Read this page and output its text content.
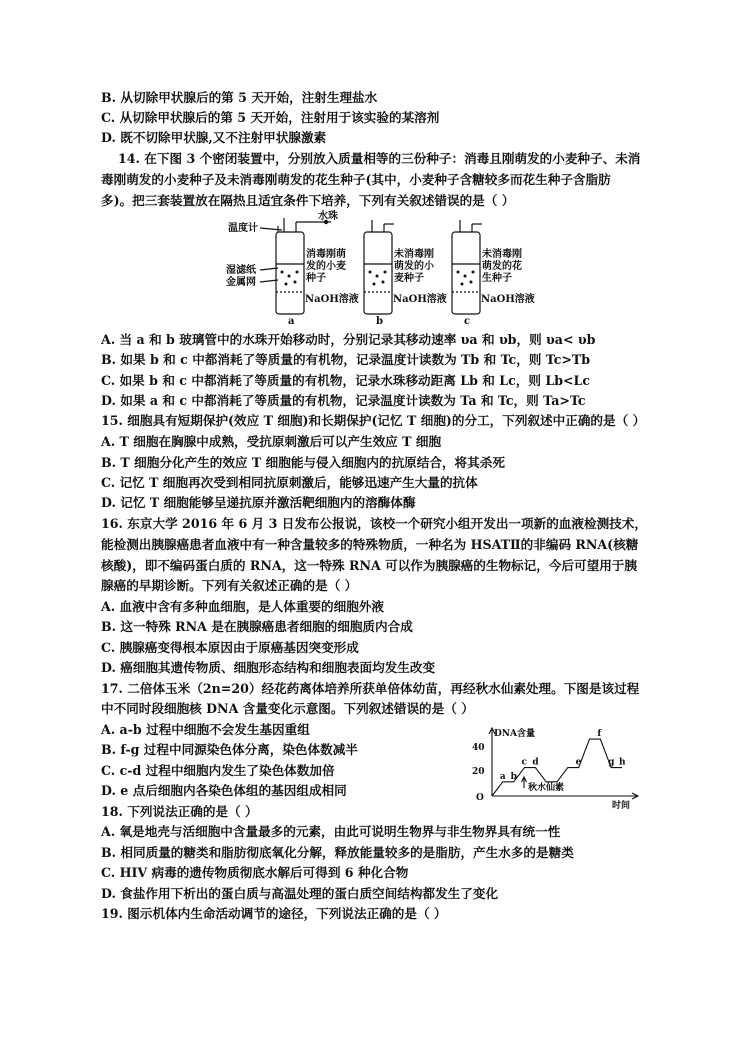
B. 从切除甲状腺后的第 5 天开始，注射生理盐水
C. 从切除甲状腺后的第 5 天开始，注射用于该实验的某溶剂
D. 既不切除甲状腺,又不注射甲状腺激素
14. 在下图 3 个密闭装置中，分别放入质量相等的三份种子：消毒且刚萌发的小麦种子、未消
毒刚萌发的小麦种子及未消毒刚萌发的花生种子(其中，小麦种子含糖较多而花生种子含脂肪
多)。把三套装置放在隔热且适宜条件下培养，下列有关叙述错误的是（ ）
温度计
水珠
湿滤纸
金属网
消毒刚萌
发的小麦
种子
NaOH溶液
未消毒刚
萌发的小
麦种子
NaOH溶液
未消毒刚
萌发的花
生种子
NaOH溶液
a	b	c
A. 当 a 和 b 玻璃管中的水珠开始移动时，分别记录其移动速率 υa 和 υb，则 υa< υb
B. 如果 b 和 c 中都消耗了等质量的有机物，记录温度计读数为 Tb 和 Tc，则 Tc>Tb
C. 如果 b 和 c 中都消耗了等质量的有机物，记录水珠移动距离 Lb 和 Lc，则 Lb<Lc
D. 如果 a 和 c 中都消耗了等质量的有机物，记录温度计读数为 Ta 和 Tc，则 Ta>Tc
15. 细胞具有短期保护(效应 T 细胞)和长期保护(记忆 T 细胞)的分工，下列叙述中正确的是（ ）
A. T 细胞在胸腺中成熟，受抗原刺激后可以产生效应 T 细胞
B. T 细胞分化产生的效应 T 细胞能与侵入细胞内的抗原结合，将其杀死
C. 记忆 T 细胞再次受到相同抗原刺激后，能够迅速产生大量的抗体
D. 记忆 T 细胞能够呈递抗原并激活靶细胞内的溶酶体酶
16. 东京大学 2016 年 6 月 3 日发布公报说，该校一个研究小组开发出一项新的血液检测技术，
能检测出胰腺癌患者血液中有一种含量较多的特殊物质，一种名为 HSATⅡ的非编码 RNA(核糖
核酸)，即不编码蛋白质的 RNA，这一特殊 RNA 可以作为胰腺癌的生物标记，今后可望用于胰
腺癌的早期诊断。下列有关叙述正确的是（ ）
A. 血液中含有多种血细胞，是人体重要的细胞外液
B. 这一特殊 RNA 是在胰腺癌患者细胞的细胞质内合成
C. 胰腺癌变得根本原因由于原癌基因突变形成
D. 癌细胞其遗传物质、细胞形态结构和细胞表面均发生改变
17. 二倍体玉米（2n=20）经花药离体培养所获单倍体幼苗，再经秋水仙素处理。下图是该过程
中不同时段细胞核 DNA 含量变化示意图。下列叙述错误的是（ ）
A. a-b 过程中细胞不会发生基因重组
B. f-g 过程中同源染色体分离，染色体数减半
C. c-d 过程中细胞内发生了染色体数加倍
D. e 点后细胞内各染色体组的基因组成相同
DNA含量
40
20
O
秋水仙素
时间
a b
c d	e
f
g h
18. 下列说法正确的是（ ）
A. 氧是地壳与活细胞中含量最多的元素，由此可说明生物界与非生物界具有统一性
B. 相同质量的糖类和脂肪彻底氧化分解，释放能量较多的是脂肪，产生水多的是糖类
C. HIV 病毒的遗传物质彻底水解后可得到 6 种化合物
D. 食盐作用下析出的蛋白质与高温处理的蛋白质空间结构都发生了变化
19. 图示机体内生命活动调节的途径，下列说法正确的是（ ）
